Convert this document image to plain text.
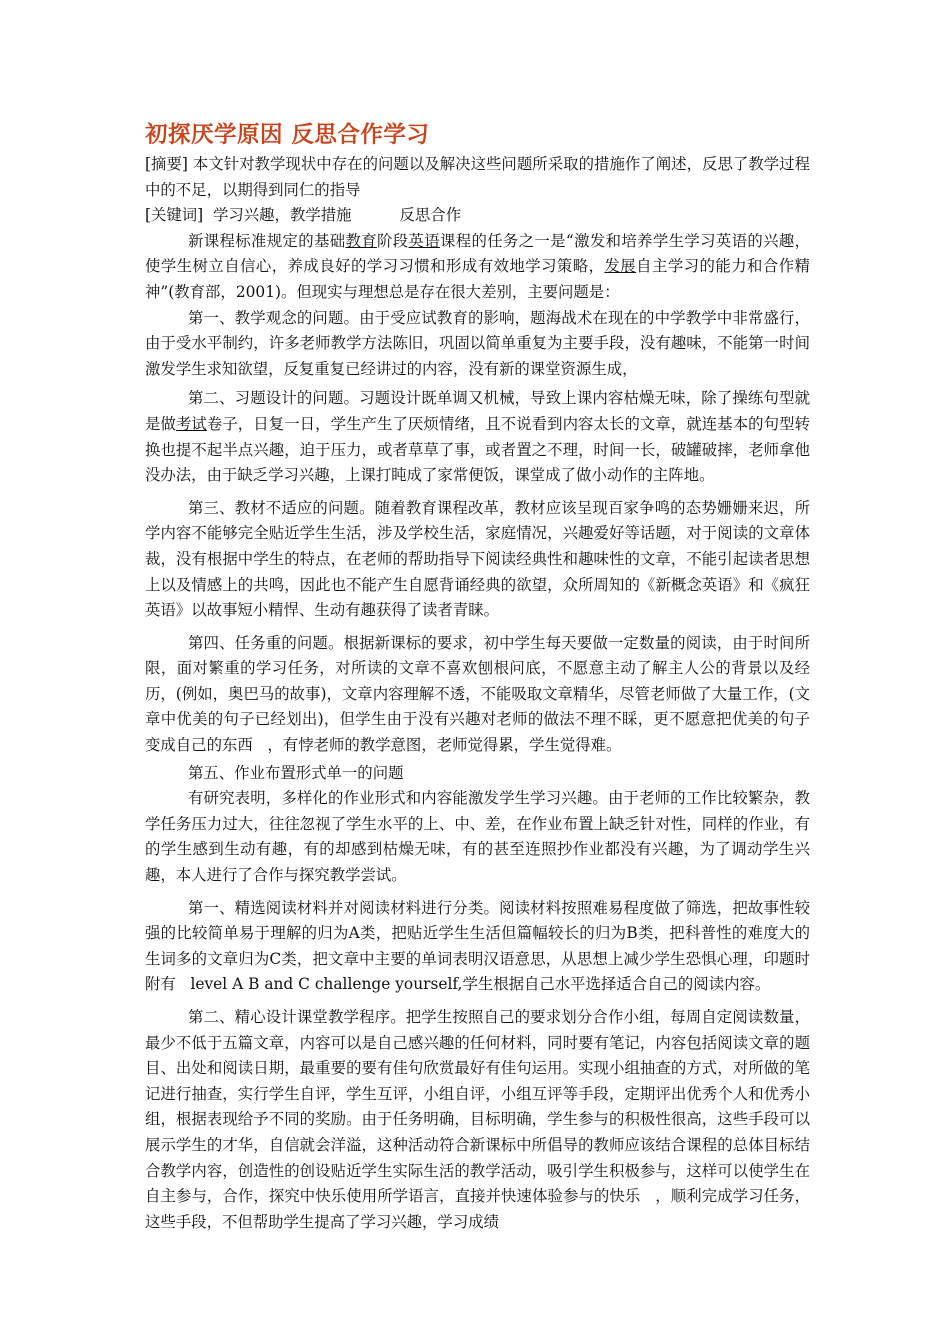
初探厌学原因 反思合作学习

[摘要] 本文针对教学现状中存在的问题以及解决这些问题所采取的措施作了阐述，反思了教学过程中的不足，以期得到同仁的指导

[关键词] 学习兴趣，教学措施	反思合作

新课程标准规定的基础教育阶段英语课程的任务之一是“激发和培养学生学习英语的兴趣，使学生树立自信心，养成良好的学习习惯和形成有效地学习策略，发展自主学习的能力和合作精神”(教育部，2001)。但现实与理想总是存在很大差别，主要问题是：

第一、教学观念的问题。由于受应试教育的影响，题海战术在现在的中学教学中非常盛行，由于受水平制约，许多老师教学方法陈旧，巩固以简单重复为主要手段，没有趣味，不能第一时间激发学生求知欲望，反复重复已经讲过的内容，没有新的课堂资源生成，

第二、习题设计的问题。习题设计既单调又机械，导致上课内容枯燥无味，除了操练句型就是做考试卷子，日复一日，学生产生了厌烦情绪，且不说看到内容太长的文章，就连基本的句型转换也提不起半点兴趣，迫于压力，或者草草了事，或者置之不理，时间一长，破罐破摔，老师拿他没办法，由于缺乏学习兴趣，上课打盹成了家常便饭，课堂成了做小动作的主阵地。

第三、教材不适应的问题。随着教育课程改革，教材应该呈现百家争鸣的态势姗姗来迟，所学内容不能够完全贴近学生生活，涉及学校生活，家庭情况，兴趣爱好等话题，对于阅读的文章体裁，没有根据中学生的特点，在老师的帮助指导下阅读经典性和趣味性的文章，不能引起读者思想上以及情感上的共鸣，因此也不能产生自愿背诵经典的欲望，众所周知的《新概念英语》和《疯狂英语》以故事短小精悍、生动有趣获得了读者青睐。

第四、任务重的问题。根据新课标的要求，初中学生每天要做一定数量的阅读，由于时间所限，面对繁重的学习任务，对所读的文章不喜欢刨根问底，不愿意主动了解主人公的背景以及经历，(例如，奥巴马的故事)，文章内容理解不透，不能吸取文章精华，尽管老师做了大量工作，(文章中优美的句子已经划出)，但学生由于没有兴趣对老师的做法不理不睬，更不愿意把优美的句子变成自己的东西   ，有悖老师的教学意图，老师觉得累，学生觉得难。

第五、作业布置形式单一的问题

有研究表明，多样化的作业形式和内容能激发学生学习兴趣。由于老师的工作比较繁杂，教学任务压力过大，往往忽视了学生水平的上、中、差，在作业布置上缺乏针对性，同样的作业，有的学生感到生动有趣，有的却感到枯燥无味，有的甚至连照抄作业都没有兴趣，为了调动学生兴趣，本人进行了合作与探究教学尝试。

第一、精选阅读材料并对阅读材料进行分类。阅读材料按照难易程度做了筛选，把故事性较强的比较简单易于理解的归为A类，把贴近学生生活但篇幅较长的归为B类，把科普性的难度大的生词多的文章归为C类，把文章中主要的单词表明汉语意思，从思想上减少学生恐惧心理，印题时附有   level A B and C challenge yourself,学生根据自己水平选择适合自己的阅读内容。

第二、精心设计课堂教学程序。把学生按照自己的要求划分合作小组，每周自定阅读数量，最少不低于五篇文章，内容可以是自己感兴趣的任何材料，同时要有笔记，内容包括阅读文章的题目、出处和阅读日期，最重要的要有佳句欣赏最好有佳句运用。实现小组抽查的方式，对所做的笔记进行抽查，实行学生自评，学生互评，小组自评，小组互评等手段，定期评出优秀个人和优秀小组，根据表现给予不同的奖励。由于任务明确，目标明确，学生参与的积极性很高，这些手段可以展示学生的才华，自信就会洋溢，这种活动符合新课标中所倡导的教师应该结合课程的总体目标结合教学内容，创造性的创设贴近学生实际生活的教学活动，吸引学生积极参与，这样可以使学生在自主参与，合作，探究中快乐使用所学语言，直接并快速体验参与的快乐   ，顺利完成学习任务，这些手段，不但帮助学生提高了学习兴趣，学习成绩
